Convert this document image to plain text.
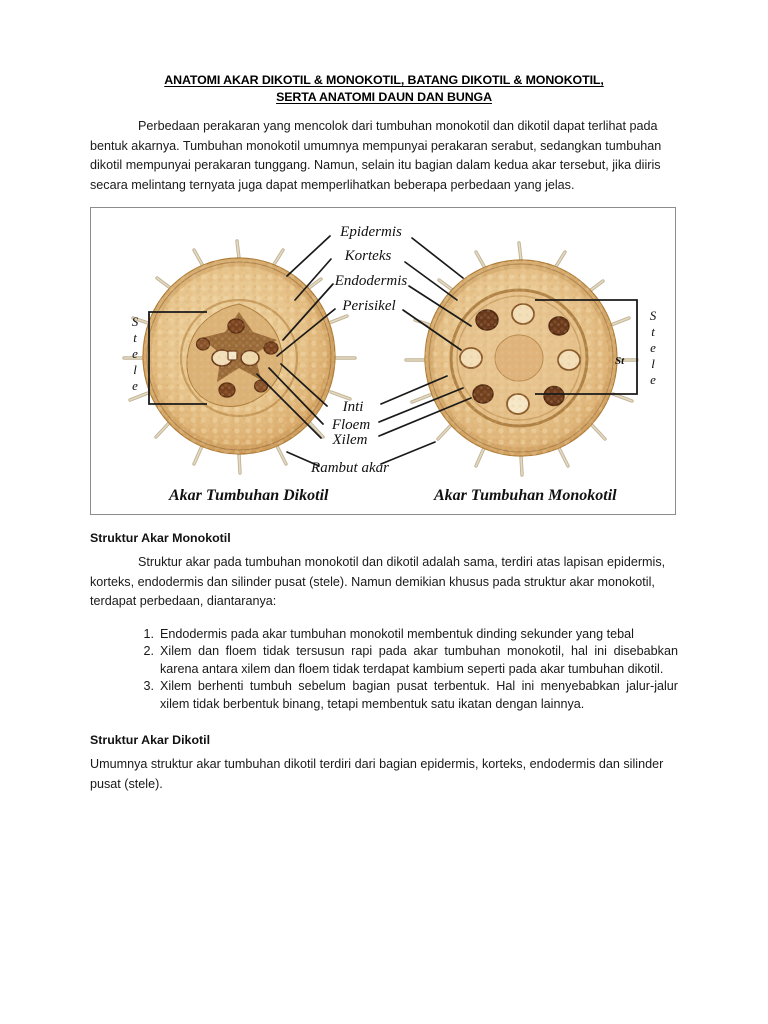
ANATOMI AKAR DIKOTIL & MONOKOTIL, BATANG DIKOTIL & MONOKOTIL,
SERTA ANATOMI DAUN DAN BUNGA

Perbedaan perakaran yang mencolok dari tumbuhan monokotil dan dikotil dapat terlihat pada bentuk akarnya. Tumbuhan monokotil umumnya mempunyai perakaran serabut, sedangkan tumbuhan dikotil mempunyai perakaran tunggang. Namun, selain itu bagian dalam kedua akar tersebut, jika diiris secara melintang ternyata juga dapat memperlihatkan beberapa perbedaan yang jelas.

S
t
e
l
e
St
S
t
e
l
e
Epidermis
Korteks
Endodermis
Perisikel
Inti
Floem
Xilem
Rambut akar
Akar Tumbuhan Dikotil	Akar Tumbuhan Monokotil
Struktur Akar Monokotil

Struktur akar pada tumbuhan monokotil dan dikotil adalah sama, terdiri atas lapisan epidermis, korteks, endodermis dan silinder pusat (stele). Namun demikian khusus pada struktur akar monokotil, terdapat perbedaan, diantaranya:

1. Endodermis pada akar tumbuhan monokotil membentuk dinding sekunder yang tebal
2. Xilem dan floem tidak tersusun rapi pada akar tumbuhan monokotil, hal ini disebabkan karena antara xilem dan floem tidak terdapat kambium seperti pada akar tumbuhan dikotil.
3. Xilem berhenti tumbuh sebelum bagian pusat terbentuk. Hal ini menyebabkan jalur-jalur xilem tidak berbentuk binang, tetapi membentuk satu ikatan dengan lainnya.
Struktur Akar Dikotil

Umumnya struktur akar tumbuhan dikotil terdiri dari bagian epidermis, korteks, endodermis dan silinder pusat (stele).
